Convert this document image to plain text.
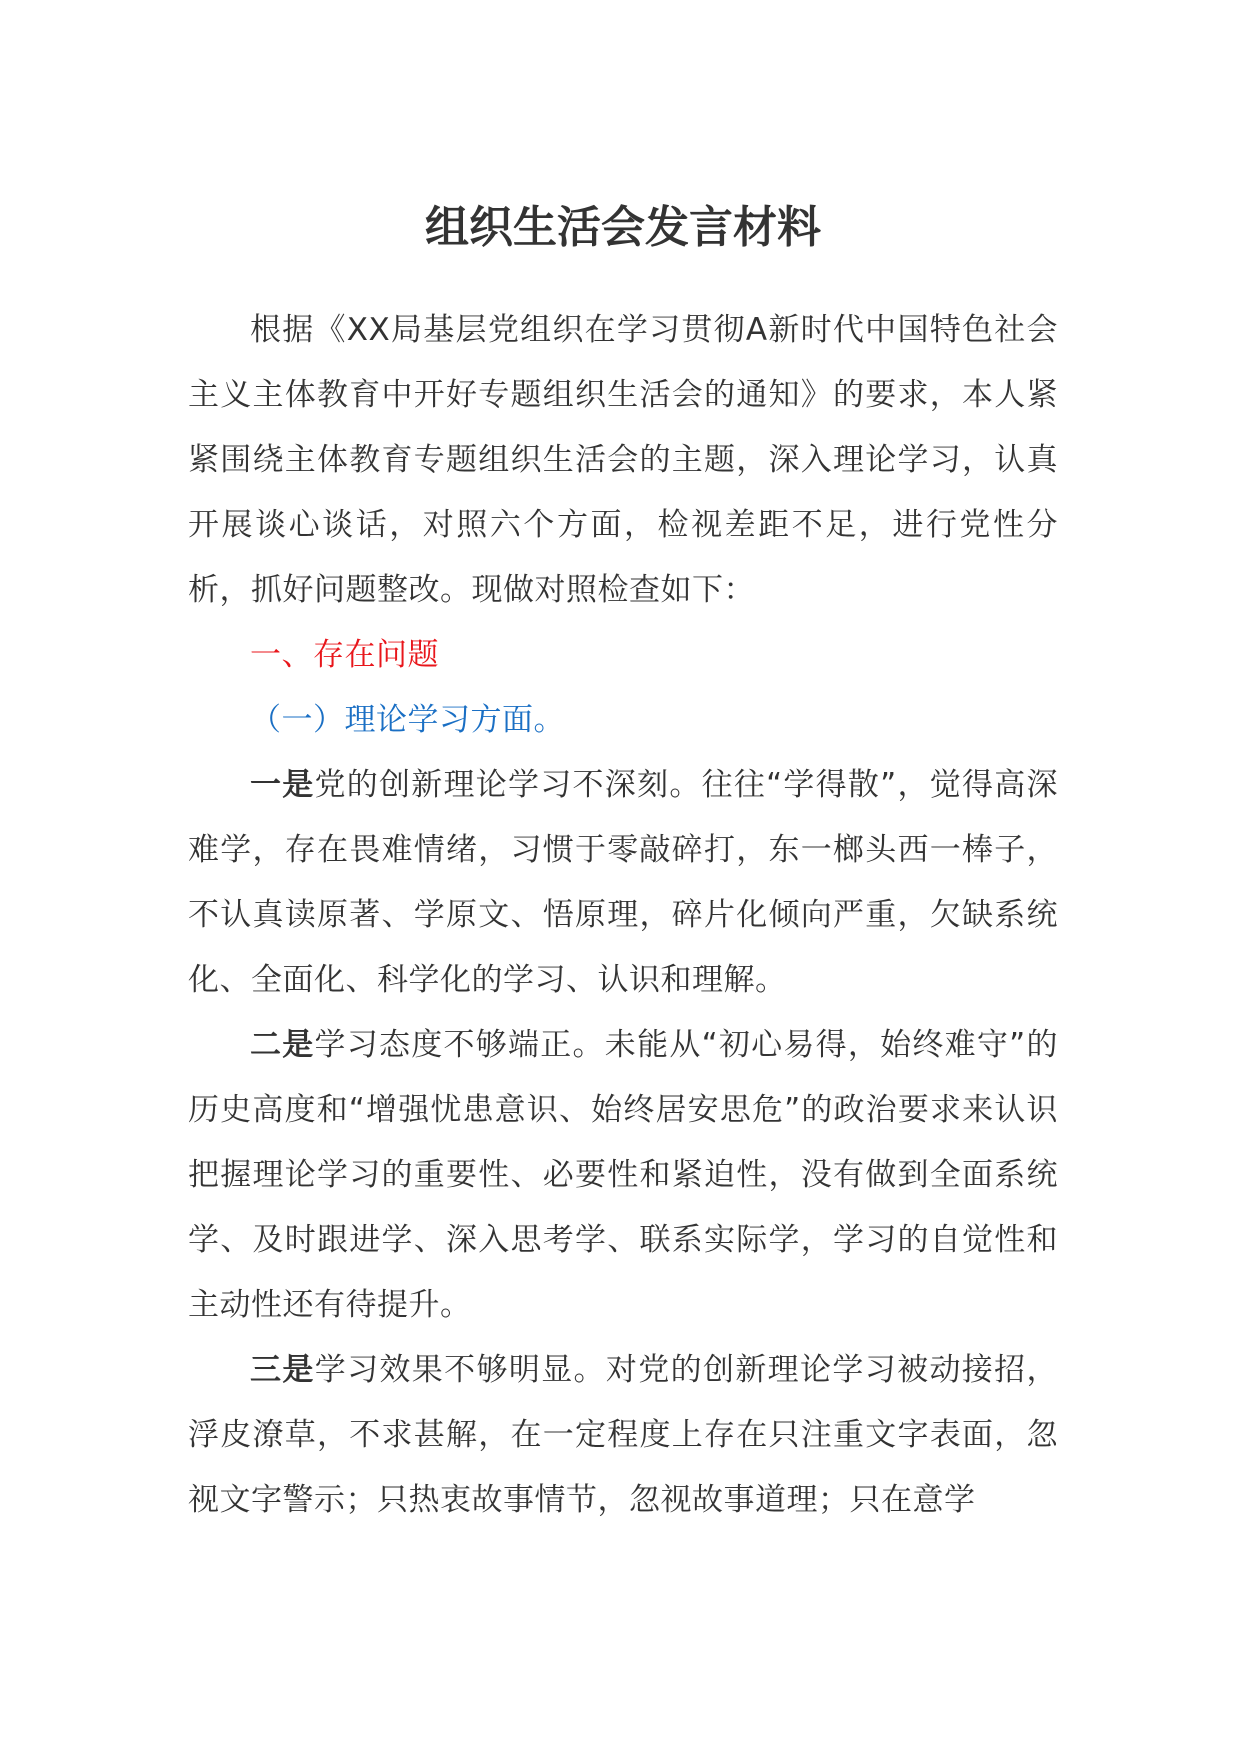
组织生活会发言材料

根据《XX局基层党组织在学习贯彻A新时代中国特色社会主义主体教育中开好专题组织生活会的通知》的要求，本人紧紧围绕主体教育专题组织生活会的主题，深入理论学习，认真开展谈心谈话，对照六个方面，检视差距不足，进行党性分析，抓好问题整改。现做对照检查如下：

一、存在问题

（一）理论学习方面。

一是党的创新理论学习不深刻。往往“学得散”，觉得高深难学，存在畏难情绪，习惯于零敲碎打，东一榔头西一棒子，不认真读原著、学原文、悟原理，碎片化倾向严重，欠缺系统化、全面化、科学化的学习、认识和理解。

二是学习态度不够端正。未能从“初心易得，始终难守”的历史高度和“增强忧患意识、始终居安思危”的政治要求来认识把握理论学习的重要性、必要性和紧迫性，没有做到全面系统学、及时跟进学、深入思考学、联系实际学，学习的自觉性和主动性还有待提升。

三是学习效果不够明显。对党的创新理论学习被动接招，浮皮潦草，不求甚解，在一定程度上存在只注重文字表面，忽视文字警示；只热衷故事情节，忽视故事道理；只在意学
